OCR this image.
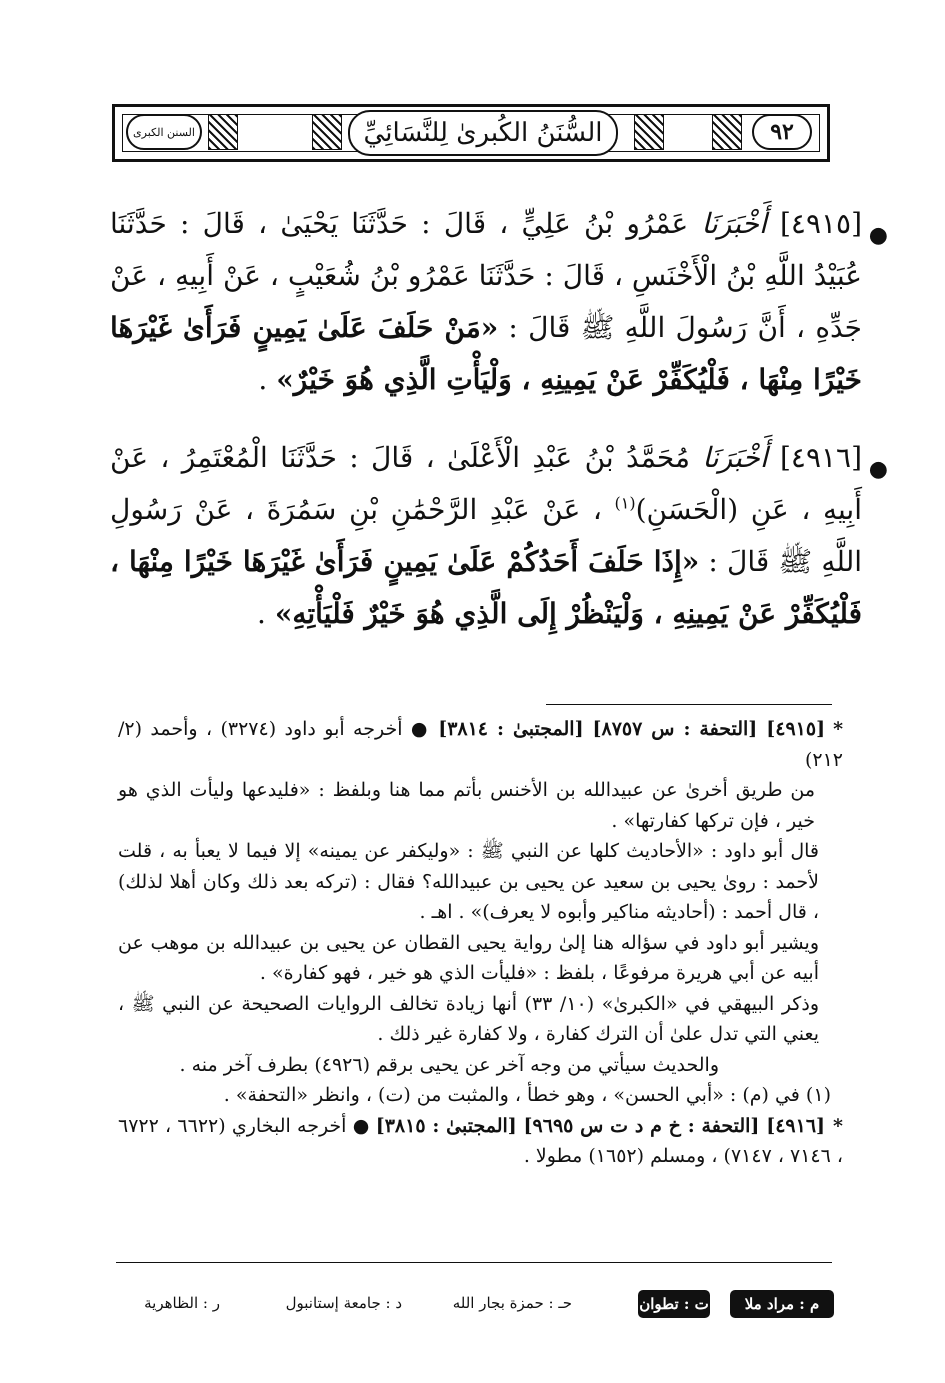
السنن الكبرى	السُّنَنُ الكُبرىٰ لِلنَّسَائِيِّ	٩٢

●
[٤٩١٥] أَخْبَرَنَا عَمْرُو بْنُ عَلِيٍّ ، قَالَ : حَدَّثَنَا يَحْيَىٰ ، قَالَ : حَدَّثَنَا عُبَيْدُ اللَّهِ بْنُ الْأَخْنَسِ ، قَالَ : حَدَّثَنَا عَمْرُو بْنُ شُعَيْبٍ ، عَنْ أَبِيهِ ، عَنْ جَدِّهِ ، أَنَّ رَسُولَ اللَّهِ ﷺ قَالَ : «مَنْ حَلَفَ عَلَىٰ يَمِينٍ فَرَأَىٰ غَيْرَهَا خَيْرًا مِنْهَا ، فَلْيُكَفِّرْ عَنْ يَمِينِهِ ، وَلْيَأْتِ الَّذِي هُوَ خَيْرٌ» .

●
[٤٩١٦] أَخْبَرَنَا مُحَمَّدُ بْنُ عَبْدِ الْأَعْلَىٰ ، قَالَ : حَدَّثَنَا الْمُعْتَمِرُ ، عَنْ أَبِيهِ ، عَنِ (الْحَسَنِ)$^{(١)}$ ، عَنْ عَبْدِ الرَّحْمَٰنِ بْنِ سَمُرَةَ ، عَنْ رَسُولِ اللَّهِ ﷺ قَالَ : «إِذَا حَلَفَ أَحَدُكُمْ عَلَىٰ يَمِينٍ فَرَأَىٰ غَيْرَهَا خَيْرًا مِنْهَا ، فَلْيُكَفِّرْ عَنْ يَمِينِهِ ، وَلْيَنْظُرْ إِلَى الَّذِي هُوَ خَيْرٌ فَلْيَأْتِهِ» .

*[٤٩١٥] [التحفة : س ٨٧٥٧] [المجتبىٰ : ٣٨١٤] ● أخرجه أبو داود (٣٢٧٤) ، وأحمد (٢/ ٢١٢)

من طريق أخرىٰ عن عبيدالله بن الأخنس بأتم مما هنا وبلفظ : «فليدعها وليأت الذي هو خير ، فإن تركها كفارتها» .

قال أبو داود : «الأحاديث كلها عن النبي ﷺ : «وليكفر عن يمينه» إلا فيما لا يعبأ به ، قلت لأحمد : روىٰ يحيى بن سعيد عن يحيى بن عبيدالله؟ فقال : (تركه بعد ذلك وكان أهلا لذلك) ، قال أحمد : (أحاديثه مناكير وأبوه لا يعرف)» . اهـ .

ويشير أبو داود في سؤاله هنا إلىٰ رواية يحيى القطان عن يحيى بن عبيدالله بن موهب عن أبيه عن أبي هريرة مرفوعًا ، بلفظ : «فليأت الذي هو خير ، فهو كفارة» .

وذكر البيهقي في «الكبرىٰ» (١٠/ ٣٣) أنها زيادة تخالف الروايات الصحيحة عن النبي ﷺ ، يعني التي تدل علىٰ أن الترك كفارة ، ولا كفارة غير ذلك .

والحديث سيأتي من وجه آخر عن يحيى برقم (٤٩٢٦) بطرف آخر منه .

(١) في (م) : «أبي الحسن» ، وهو خطأ ، والمثبت من (ت) ، وانظر «التحفة» .

*[٤٩١٦] [التحفة : خ م د ت س ٩٦٩٥] [المجتبىٰ : ٣٨١٥] ● أخرجه البخاري (٦٦٢٢ ، ٦٧٢٢ ، ٧١٤٦ ، ٧١٤٧) ، ومسلم (١٦٥٢) مطولا .

م : مراد ملا
ت : تطوان
حـ : حمزة بجار الله
د : جامعة إستانبول
ر : الظاهرية
